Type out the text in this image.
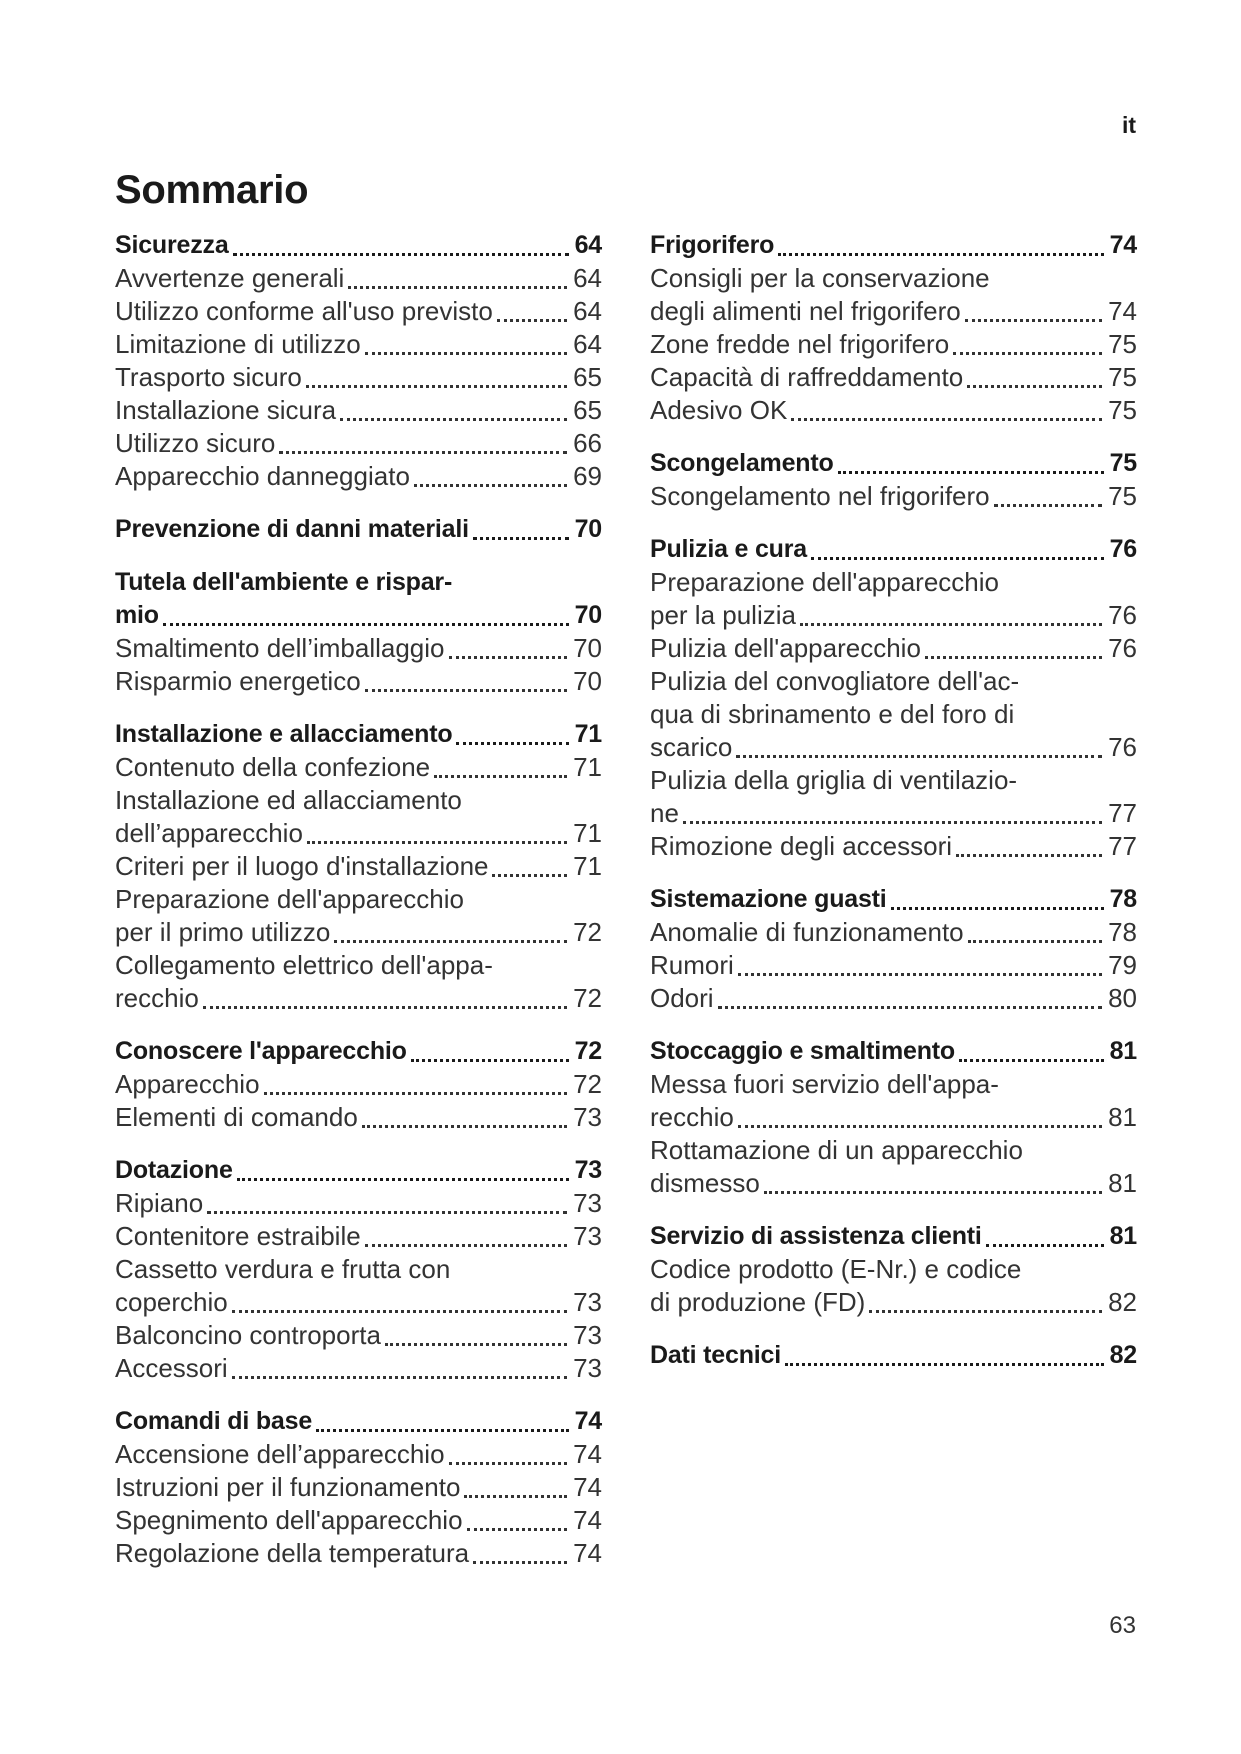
it
Sommario
Sicurezza	64
Avvertenze generali	64
Utilizzo conforme all'uso previsto	64
Limitazione di utilizzo	64
Trasporto sicuro	65
Installazione sicura	65
Utilizzo sicuro	66
Apparecchio danneggiato	69
Prevenzione di danni materiali	70
Tutela dell'ambiente e rispar-
mio	70
Smaltimento dell’imballaggio	70
Risparmio energetico	70
Installazione e allacciamento	71
Contenuto della confezione	71
Installazione ed allacciamento
dell’apparecchio	71
Criteri per il luogo d'installazione	71
Preparazione dell'apparecchio
per il primo utilizzo	72
Collegamento elettrico dell'appa-
recchio	72
Conoscere l'apparecchio	72
Apparecchio	72
Elementi di comando	73
Dotazione	73
Ripiano	73
Contenitore estraibile	73
Cassetto verdura e frutta con
coperchio	73
Balconcino controporta	73
Accessori	73
Comandi di base	74
Accensione dell’apparecchio	74
Istruzioni per il funzionamento	74
Spegnimento dell'apparecchio	74
Regolazione della temperatura	74
Frigorifero	74
Consigli per la conservazione
degli alimenti nel frigorifero	74
Zone fredde nel frigorifero	75
Capacità di raffreddamento	75
Adesivo OK	75
Scongelamento	75
Scongelamento nel frigorifero	75
Pulizia e cura	76
Preparazione dell'apparecchio
per la pulizia	76
Pulizia dell'apparecchio	76
Pulizia del convogliatore dell'ac-
qua di sbrinamento e del foro di
scarico	76
Pulizia della griglia di ventilazio-
ne	77
Rimozione degli accessori	77
Sistemazione guasti	78
Anomalie di funzionamento	78
Rumori	79
Odori	80
Stoccaggio e smaltimento	81
Messa fuori servizio dell'appa-
recchio	81
Rottamazione di un apparecchio
dismesso	81
Servizio di assistenza clienti	81
Codice prodotto (E-Nr.) e codice
di produzione (FD)	82
Dati tecnici	82
63
